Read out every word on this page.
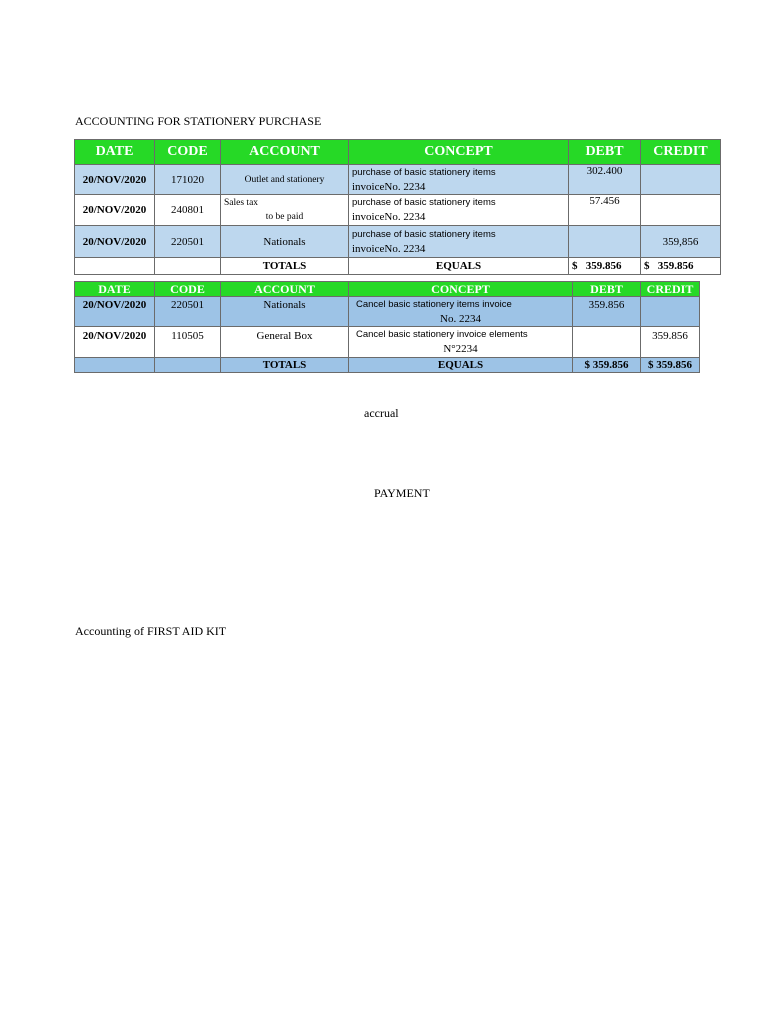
ACCOUNTING FOR STATIONERY PURCHASE
DATE	CODE	ACCOUNT	CONCEPT	DEBT	CREDIT
20/NOV/2020	171020	Outlet and stationery	purchase of basic stationery items
invoiceNo. 2234	302.400	
20/NOV/2020	240801	Sales tax
to be paid	purchase of basic stationery items
invoiceNo. 2234	57.456	
20/NOV/2020	220501	Nationals	purchase of basic stationery items
invoiceNo. 2234		359,856
		TOTALS	EQUALS	$   359.856	$   359.856
DATE	CODE	ACCOUNT	CONCEPT	DEBT	CREDIT
20/NOV/2020	220501	Nationals	Cancel basic stationery items invoice
No. 2234	359.856	
20/NOV/2020	110505	General Box	Cancel basic stationery invoice elements
N°2234		359.856
		TOTALS	EQUALS	$ 359.856	$ 359.856
accrual
PAYMENT
Accounting of FIRST AID KIT
